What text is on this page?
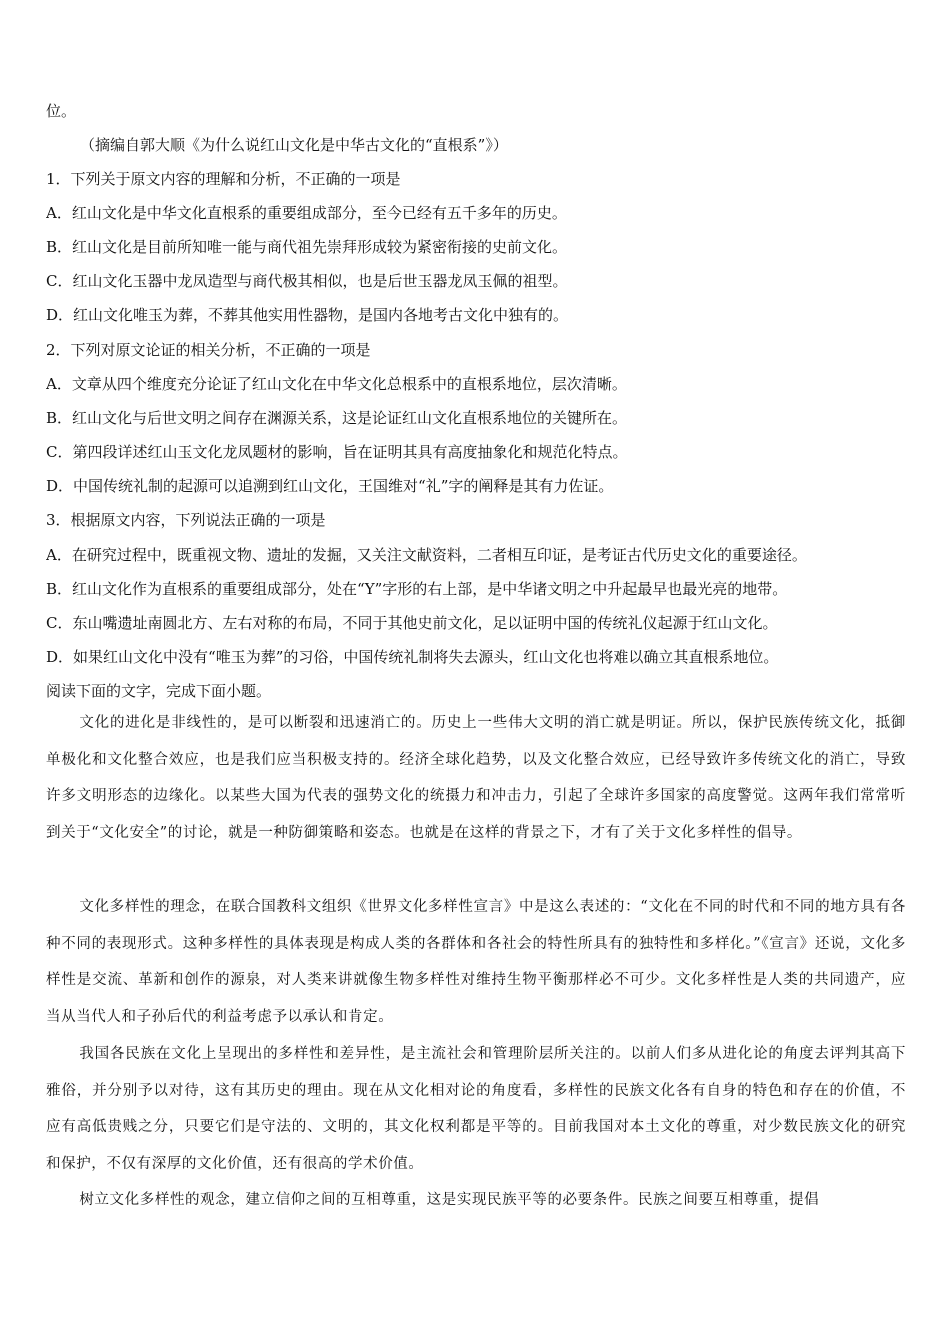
位。
（摘编自郭大顺《为什么说红山文化是中华古文化的“直根系”》）
1．下列关于原文内容的理解和分析，不正确的一项是
A．红山文化是中华文化直根系的重要组成部分，至今已经有五千多年的历史。
B．红山文化是目前所知唯一能与商代祖先崇拜形成较为紧密衔接的史前文化。
C．红山文化玉器中龙凤造型与商代极其相似，也是后世玉器龙凤玉佩的祖型。
D．红山文化唯玉为葬，不葬其他实用性器物，是国内各地考古文化中独有的。
2．下列对原文论证的相关分析，不正确的一项是
A．文章从四个维度充分论证了红山文化在中华文化总根系中的直根系地位，层次清晰。
B．红山文化与后世文明之间存在渊源关系，这是论证红山文化直根系地位的关键所在。
C．第四段详述红山玉文化龙凤题材的影响，旨在证明其具有高度抽象化和规范化特点。
D．中国传统礼制的起源可以追溯到红山文化，王国维对“礼”字的阐释是其有力佐证。
3．根据原文内容，下列说法正确的一项是
A．在研究过程中，既重视文物、遗址的发掘，又关注文献资料，二者相互印证，是考证古代历史文化的重要途径。
B．红山文化作为直根系的重要组成部分，处在“Y”字形的右上部，是中华诸文明之中升起最早也最光亮的地带。
C．东山嘴遗址南圆北方、左右对称的布局，不同于其他史前文化，足以证明中国的传统礼仪起源于红山文化。
D．如果红山文化中没有“唯玉为葬”的习俗，中国传统礼制将失去源头，红山文化也将难以确立其直根系地位。
阅读下面的文字，完成下面小题。
文化的进化是非线性的，是可以断裂和迅速消亡的。历史上一些伟大文明的消亡就是明证。所以，保护民族传统文化，抵御单极化和文化整合效应，也是我们应当积极支持的。经济全球化趋势，以及文化整合效应，已经导致许多传统文化的消亡，导致许多文明形态的边缘化。以某些大国为代表的强势文化的统摄力和冲击力，引起了全球许多国家的高度警觉。这两年我们常常听到关于“文化安全”的讨论，就是一种防御策略和姿态。也就是在这样的背景之下，才有了关于文化多样性的倡导。
文化多样性的理念，在联合国教科文组织《世界文化多样性宣言》中是这么表述的：“文化在不同的时代和不同的地方具有各种不同的表现形式。这种多样性的具体表现是构成人类的各群体和各社会的特性所具有的独特性和多样化。”《宣言》还说，文化多样性是交流、革新和创作的源泉，对人类来讲就像生物多样性对维持生物平衡那样必不可少。文化多样性是人类的共同遗产，应当从当代人和子孙后代的利益考虑予以承认和肯定。
我国各民族在文化上呈现出的多样性和差异性，是主流社会和管理阶层所关注的。以前人们多从进化论的角度去评判其高下雅俗，并分别予以对待，这有其历史的理由。现在从文化相对论的角度看，多样性的民族文化各有自身的特色和存在的价值，不应有高低贵贱之分，只要它们是守法的、文明的，其文化权利都是平等的。目前我国对本土文化的尊重，对少数民族文化的研究和保护，不仅有深厚的文化价值，还有很高的学术价值。
树立文化多样性的观念，建立信仰之间的互相尊重，这是实现民族平等的必要条件。民族之间要互相尊重，提倡
